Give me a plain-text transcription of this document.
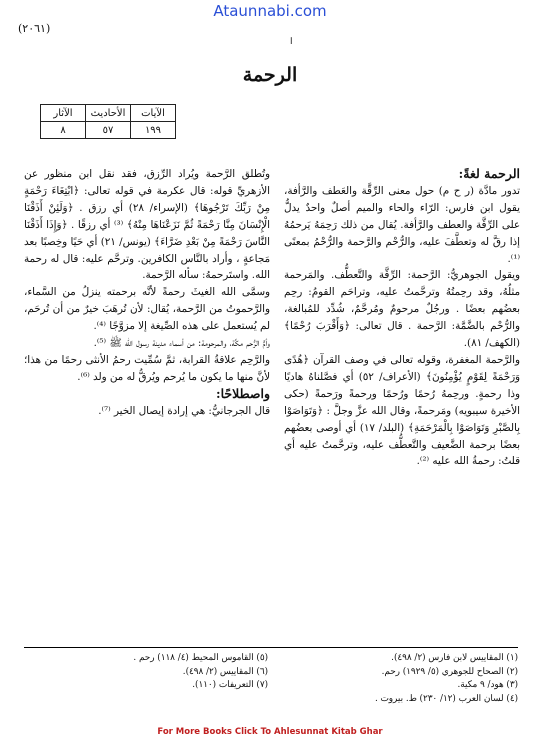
Atаunnabi.com
(٢٠٦١)
ا
الرحمة
الآيات	الأحاديث	الآثار
١٩٩	٥٧	٨

الرحمة لغةً:

تدور مادَّة (ر ح م) حول معنى الرِّقَّة والعَطف والرَّأفة، يقول ابن فارس: الرّاء والحاء والميم أصلٌ واحدٌ يدلُّ على الرِّقَّة والعطف والرَّأفة. يُقال من ذلك رَحِمَهُ يَرحمُهُ إذا رقَّ له وتعطَّفَ عليه، والرُّحْم والرَّحمة والرُّحْمُ بمعنًى ⁽¹⁾.

ويقول الجوهريُّ: الرَّحمة: الرِّقَّة والتَّعطُّف. والمَرحمة مثلُهُ، وقد رحِمتُهُ وترحَّمتُ عليه، وتراحَم القومُ: رحِم بعضُهم بعضًا . ورجُلٌ مرحومٌ ومُرحَّمٌ، شُدِّد للمُبالغة، والرُّحْم بالضَّمَّة: الرَّحمة . قال تعالى: ﴿وَأَقْرَبَ رُحْمًا﴾ (الكهف/ ٨١).

والرَّحمة المغفرة، وقوله تعالى في وصف القرآن ﴿هُدًى وَرَحْمَةً لِقَوْمٍ يُؤْمِنُونَ﴾ (الأعراف/ ٥٢) أي فصَّلناهُ هاديًا وذا رحمةٍ. ورحِمهُ رُحمًا ورُحمًا ورحمةً ورَحمةً (حكى الأخيرة سيبويه) ومَرحمةً، وقال الله عزَّ وجلَّ : ﴿وَتَوَاصَوْا بِالصَّبْرِ وَتَوَاصَوْا بِالْمَرْحَمَةِ﴾ (البلد/ ١٧) أي أوصى بعضُهم بعضًا برحمة الضَّعيف والتَّعطُّف عليه، وترحَّمتُ عليه أي قلتُ: رحمةُ الله عليه ⁽²⁾.

وتُطلق الرَّحمة ويُراد الرِّزق، فقد نقل ابن منظور عن الأزهريِّ قوله: قال عكرمة في قوله تعالى: ﴿ابْتِغَاءَ رَحْمَةٍ مِنْ رَبِّكَ تَرْجُوهَا﴾ (الإسراء/ ٢٨) أي رزق . ﴿وَلَئِنْ أَذَقْنَا الْإِنْسَانَ مِنَّا رَحْمَةً ثُمَّ نَزَعْنَاهَا مِنْهُ﴾ ⁽³⁾ أي رزقًا . ﴿وَإِذَا أَذَقْنَا النَّاسَ رَحْمَةً مِنْ بَعْدِ ضَرَّاءَ﴾ (يونس/ ٢١) أي حَيًا وخِصبًا بعد مَجاعةٍ ، وأراد بالنَّاس الكافرين. وترحَّم عليه: قال له رحمة الله. واستَرحمهُ: سأله الرَّحمة.

وسمَّى الله الغيثَ رحمةً لأنَّه برحمته ينزلُ من السَّماء، والرَّحموتُ من الرَّحمة، يُقال: لأن تُرهَبَ خيرٌ من أن تُرحَم، لم يُستعمل على هذه الصِّيغة إلا مزوَّجًا ⁽⁴⁾.

وأمُّ الرُّحم مكَّة، والمرحومة: من أسماء مدينة رسول الله ﷺ ⁽⁵⁾.

والرَّحِم علاقةُ القرابة، ثمَّ سُمِّيت رحمُ الأنثى رحمًا من هذا؛ لأنَّ منها ما يكون ما يُرحم ويُرقُّ له من ولد ⁽⁶⁾.

واصطلاحًا:

قال الجرجانيُّ: هي إرادة إيصال الخير ⁽⁷⁾.

(١) المقاييس لابن فارس (٢/ ٤٩٨).
(٢) الصحاح للجوهري (٥/ ١٩٢٩) رحم.
(٣) هود/ ٩ مكية.
(٤) لسان العرب (١٢/ ٢٣٠) ط. بيروت .
(٥) القاموس المحيط (٤/ ١١٨) رحم .
(٦) المقاييس (٢/ ٤٩٨).
(٧) التعريفات (١١٠).
For More Books Click To Ahlesunnat Kitab Ghar
